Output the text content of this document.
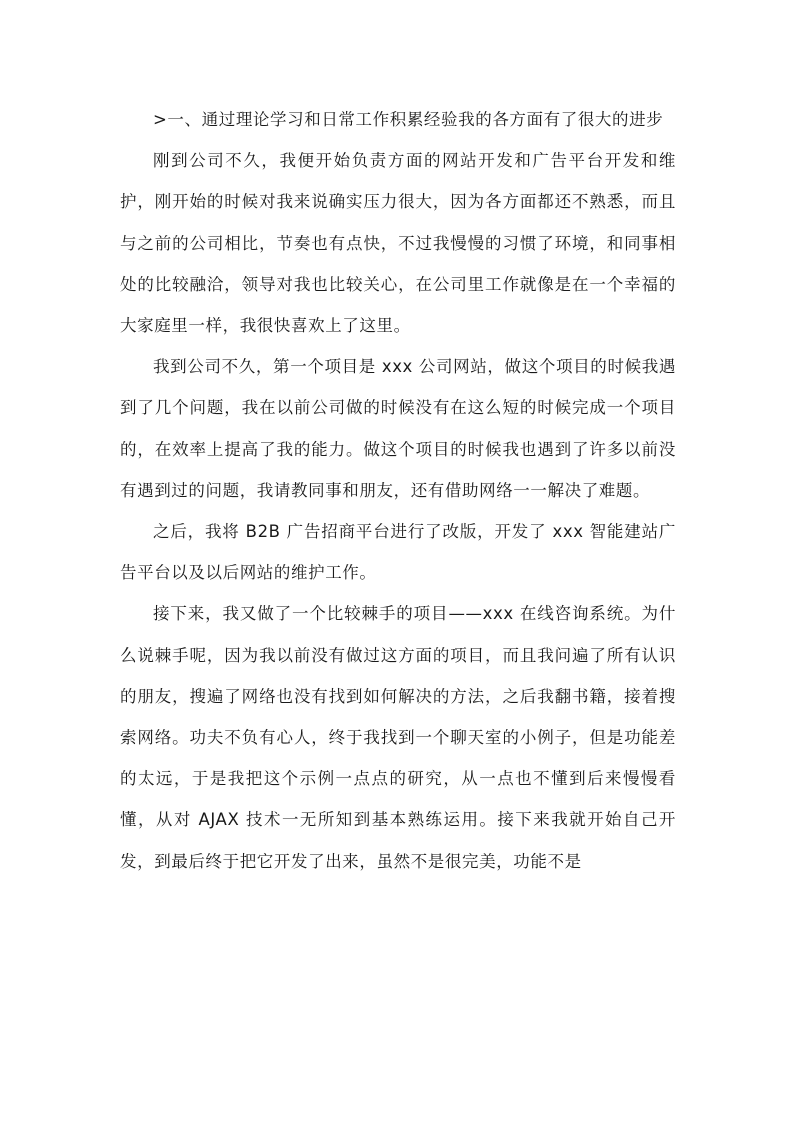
>一、通过理论学习和日常工作积累经验我的各方面有了很大的进步

刚到公司不久，我便开始负责方面的网站开发和广告平台开发和维护，刚开始的时候对我来说确实压力很大，因为各方面都还不熟悉，而且与之前的公司相比，节奏也有点快，不过我慢慢的习惯了环境，和同事相处的比较融洽，领导对我也比较关心，在公司里工作就像是在一个幸福的大家庭里一样，我很快喜欢上了这里。

我到公司不久，第一个项目是 xxx 公司网站，做这个项目的时候我遇到了几个问题，我在以前公司做的时候没有在这么短的时候完成一个项目的，在效率上提高了我的能力。做这个项目的时候我也遇到了许多以前没有遇到过的问题，我请教同事和朋友，还有借助网络一一解决了难题。

之后，我将 B2B 广告招商平台进行了改版，开发了 xxx 智能建站广告平台以及以后网站的维护工作。

接下来，我又做了一个比较棘手的项目——xxx 在线咨询系统。为什么说棘手呢，因为我以前没有做过这方面的项目，而且我问遍了所有认识的朋友，搜遍了网络也没有找到如何解决的方法，之后我翻书籍，接着搜索网络。功夫不负有心人，终于我找到一个聊天室的小例子，但是功能差的太远，于是我把这个示例一点点的研究，从一点也不懂到后来慢慢看懂，从对 AJAX 技术一无所知到基本熟练运用。接下来我就开始自己开发，到最后终于把它开发了出来，虽然不是很完美，功能不是
